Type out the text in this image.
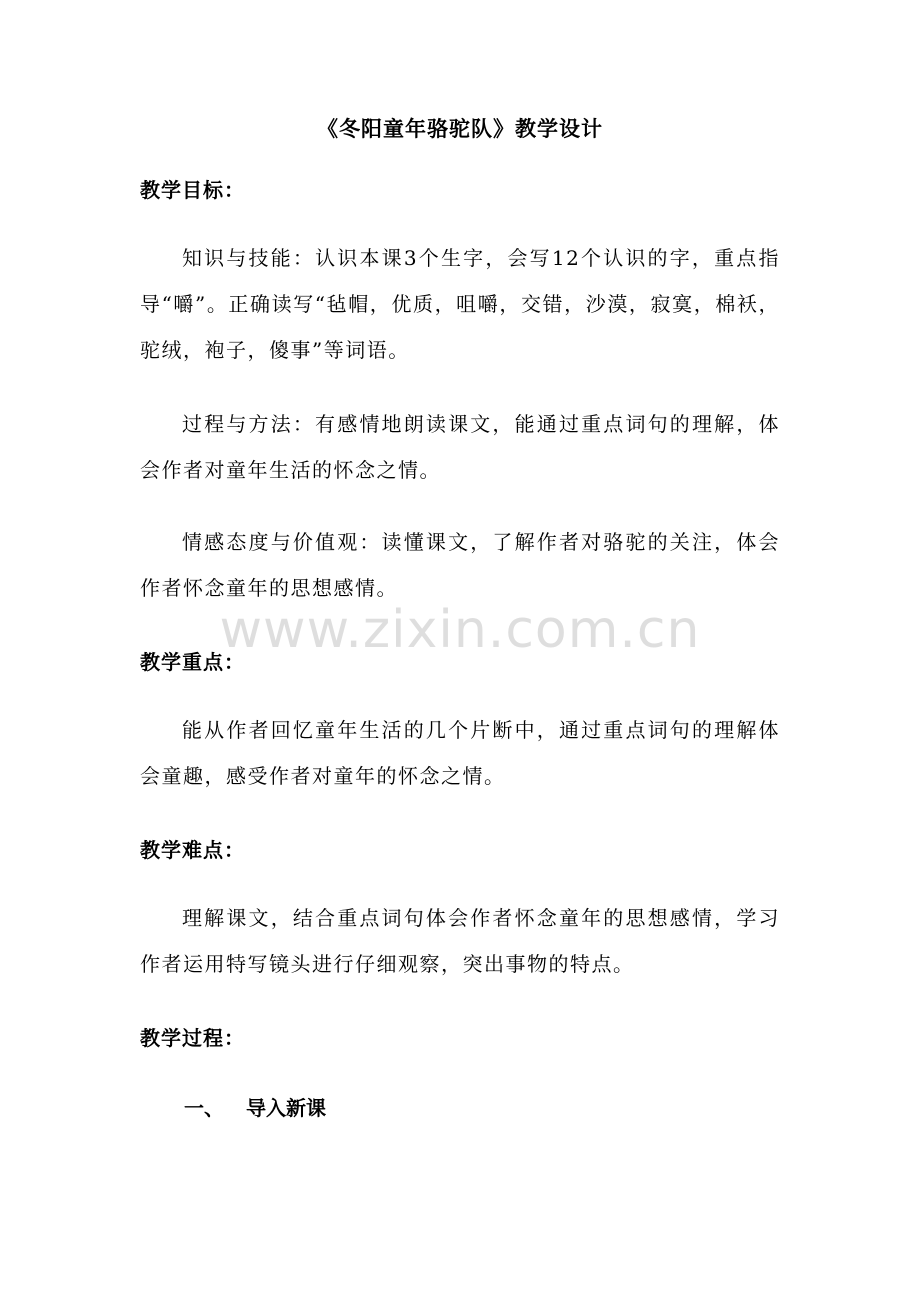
《冬阳童年骆驼队》教学设计
教学目标：

知识与技能：认识本课3个生字，会写12个认识的字，重点指导“嚼”。正确读写“毡帽，优质，咀嚼，交错，沙漠，寂寞，棉袄，驼绒，袍子，傻事”等词语。

过程与方法：有感情地朗读课文，能通过重点词句的理解，体会作者对童年生活的怀念之情。

情感态度与价值观：读懂课文，了解作者对骆驼的关注，体会作者怀念童年的思想感情。

www.zixin.com.cn
教学重点：

能从作者回忆童年生活的几个片断中，通过重点词句的理解体会童趣，感受作者对童年的怀念之情。

教学难点：

理解课文，结合重点词句体会作者怀念童年的思想感情，学习作者运用特写镜头进行仔细观察，突出事物的特点。

教学过程：
一、 导入新课
